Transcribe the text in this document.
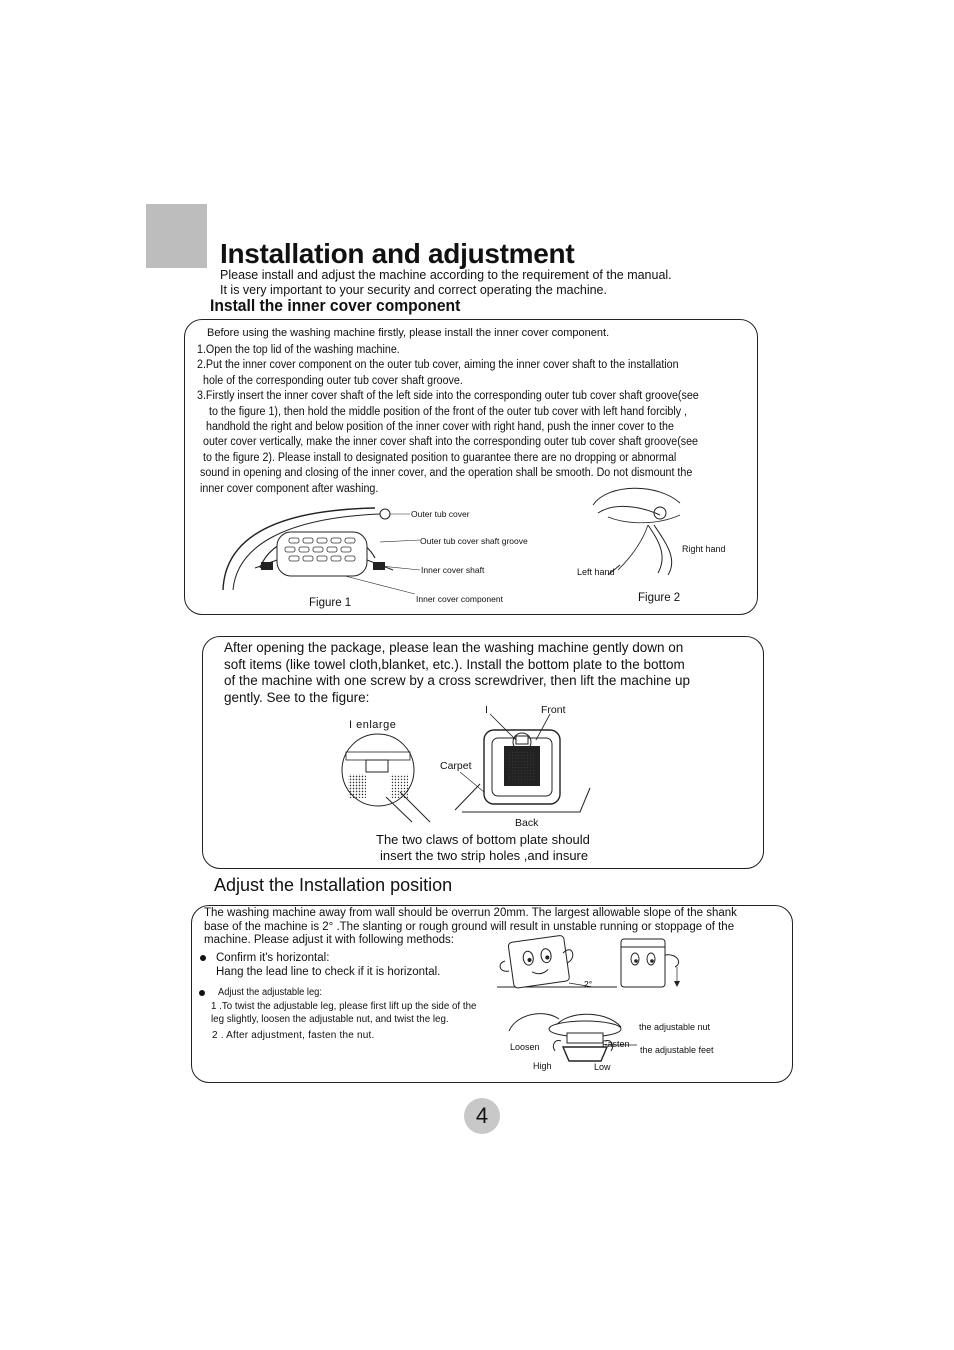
Installation and adjustment
Please install and adjust the machine according to the requirement of the manual.
It is very important to your security and correct operating the machine.
Install the inner cover component
Before using the washing machine firstly, please install the inner cover component.
1.Open the top lid of the washing machine.
2.Put the inner cover component on the outer tub cover, aiming the inner cover shaft to the installation
hole of the corresponding outer tub cover shaft groove.
3.Firstly insert the inner cover shaft of the left side into the corresponding outer tub cover shaft groove(see
to the figure 1), then hold the middle position of the front of the outer tub cover with left hand forcibly ,
handhold the right and below position of the inner cover with right hand, push the inner cover to the
outer cover vertically, make the inner cover shaft into the corresponding outer tub cover shaft groove(see
to the figure 2). Please install to designated position to guarantee there are no dropping or abnormal
sound in opening and closing of the inner cover, and the operation shall be smooth. Do not dismount the
inner cover component after washing.
Outer tub cover
Outer tub cover shaft groove
Inner cover shaft
Inner cover component
Figure 1
Right hand
Left hand
Figure 2
After opening the package, please lean the washing machine gently down on
soft items (like towel cloth,blanket, etc.). Install the bottom plate to the bottom
of the machine with one screw by a cross screwdriver, then lift the machine up
gently. See to the figure:
I enlarge
I	Front
Carpet
Back
The two claws of bottom plate should
insert the two strip holes ,and insure
Adjust the Installation position
The washing machine away from wall should be overrun 20mm. The largest allowable slope of the shank
base of the machine is 2° .The slanting or rough ground will result in unstable running or stoppage of the
machine. Please adjust it with following methods:
Confirm it's horizontal:
Hang the lead line to check if it is horizontal.
Adjust the adjustable leg:
1 .To twist the adjustable leg, please first lift up the side of the
leg slightly, loosen the adjustable nut, and twist the leg.
2 . After adjustment, fasten the nut.
2°
the adjustable nut
the adjustable feet
Loosen	Fasten
High	Low
4
